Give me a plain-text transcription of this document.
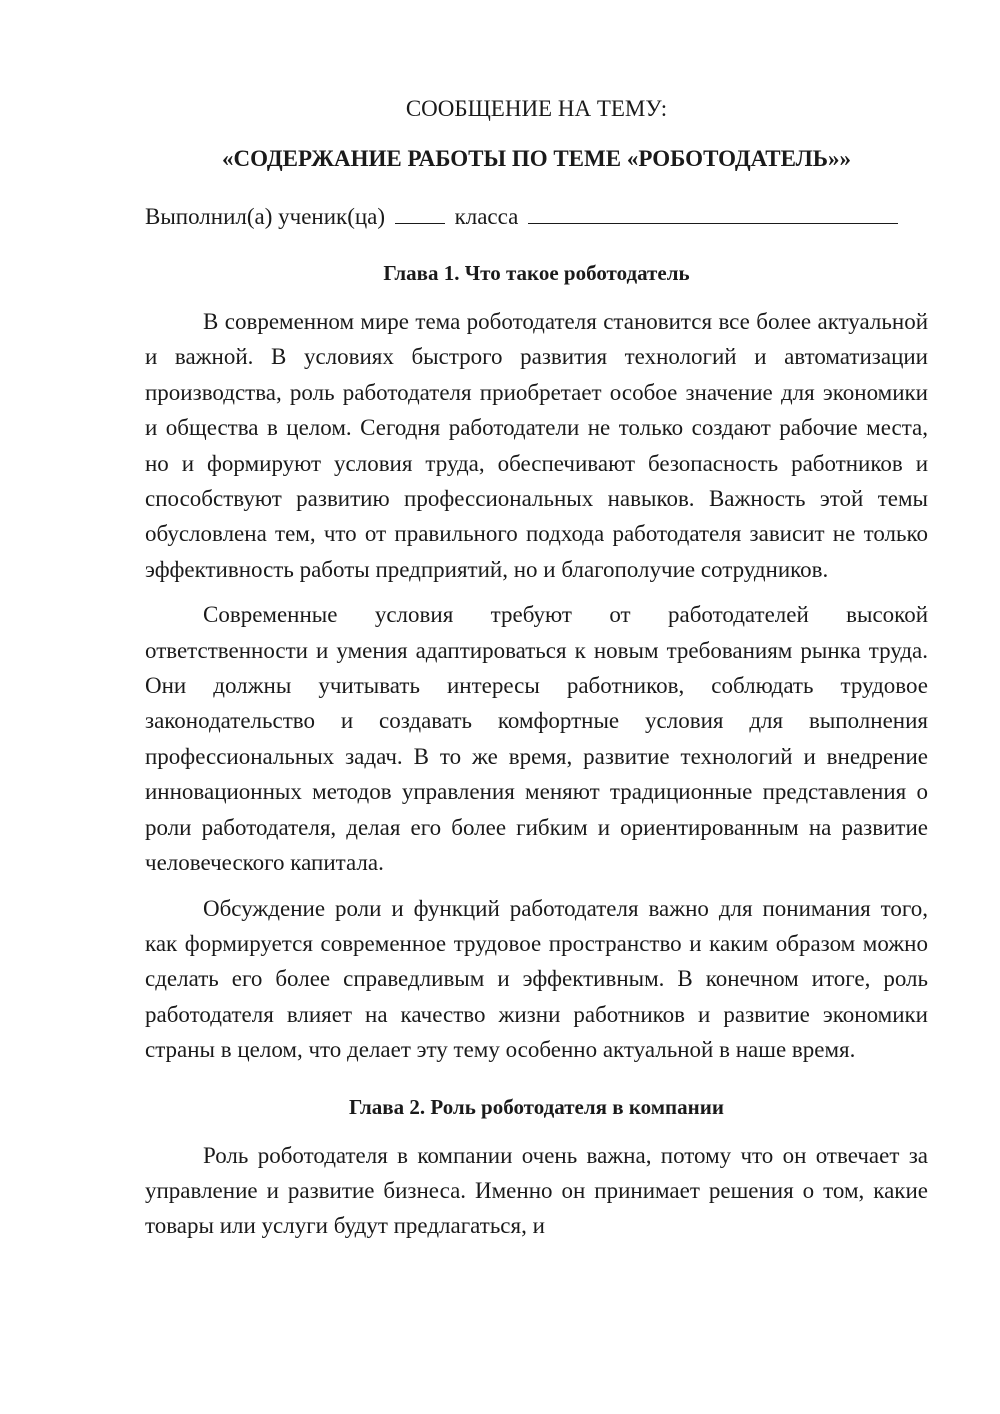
СООБЩЕНИЕ НА ТЕМУ:

«СОДЕРЖАНИЕ РАБОТЫ ПО ТЕМЕ «РОБОТОДАТЕЛЬ»»

Выполнил(а) ученик(ца)	класса

Глава 1. Что такое роботодатель

В современном мире тема роботодателя становится все более актуальной и важной. В условиях быстрого развития технологий и автоматизации производства, роль работодателя приобретает особое значение для экономики и общества в целом. Сегодня работодатели не только создают рабочие места, но и формируют условия труда, обеспечивают безопасность работников и способствуют развитию профессиональных навыков. Важность этой темы обусловлена тем, что от правильного подхода работодателя зависит не только эффективность работы предприятий, но и благополучие сотрудников.

Современные условия требуют от работодателей высокой ответственности и умения адаптироваться к новым требованиям рынка труда. Они должны учитывать интересы работников, соблюдать трудовое законодательство и создавать комфортные условия для выполнения профессиональных задач. В то же время, развитие технологий и внедрение инновационных методов управления меняют традиционные представления о роли работодателя, делая его более гибким и ориентированным на развитие человеческого капитала.

Обсуждение роли и функций работодателя важно для понимания того, как формируется современное трудовое пространство и каким образом можно сделать его более справедливым и эффективным. В конечном итоге, роль работодателя влияет на качество жизни работников и развитие экономики страны в целом, что делает эту тему особенно актуальной в наше время.

Глава 2. Роль роботодателя в компании

Роль роботодателя в компании очень важна, потому что он отвечает за управление и развитие бизнеса. Именно он принимает решения о том, какие товары или услуги будут предлагаться, и
